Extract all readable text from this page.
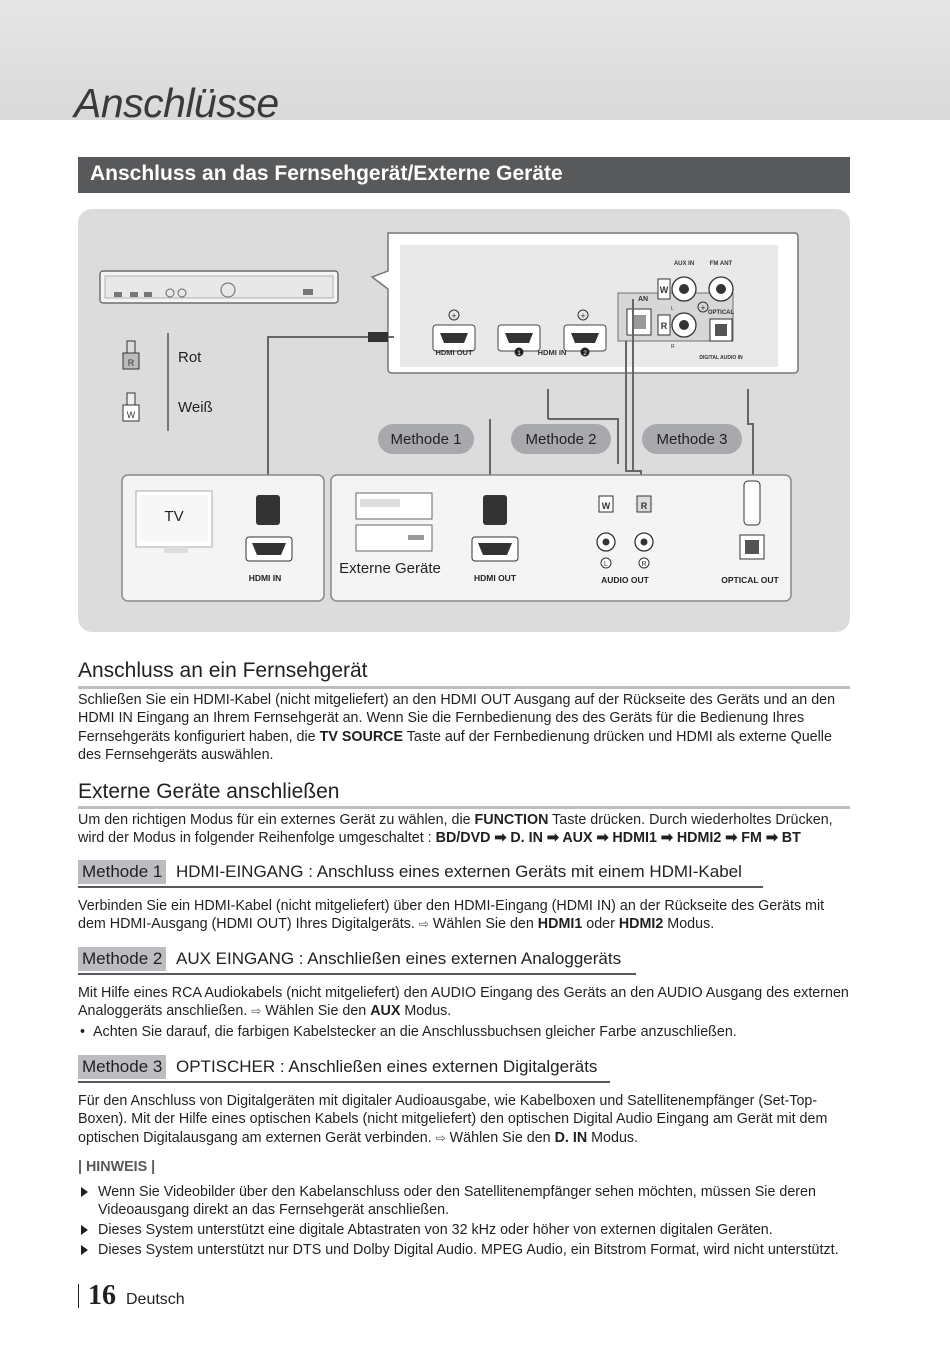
Anschlüsse
Anschluss an das Fernsehgerät/Externe Geräte
R	Rot
W	Weiß
+	+
HDMI OUT	HDMI IN
1	2
AUX IN	FM ANT
AN
+
W
R
L
R
OPTICAL
DIGITAL AUDIO IN
Methode 1	Methode 2	Methode 3
TV
HDMI IN
Externe Geräte
HDMI OUT
W	R
L	R
AUDIO OUT	OPTICAL OUT
Anschluss an ein Fernsehgerät
Schließen Sie ein HDMI-Kabel (nicht mitgeliefert) an den HDMI OUT Ausgang auf der Rückseite des Geräts und an den HDMI IN Eingang an Ihrem Fernsehgerät an. Wenn Sie die Fernbedienung des des Geräts für die Bedienung Ihres Fernsehgeräts konfiguriert haben, die TV SOURCE Taste auf der Fernbedienung drücken und HDMI als externe Quelle des Fernsehgeräts auswählen.
Externe Geräte anschließen
Um den richtigen Modus für ein externes Gerät zu wählen, die FUNCTION Taste drücken. Durch wiederholtes Drücken, wird der Modus in folgender Reihenfolge umgeschaltet : BD/DVD ➡ D. IN ➡ AUX ➡ HDMI1 ➡ HDMI2 ➡ FM ➡ BT
Methode 1 HDMI-EINGANG : Anschluss eines externen Geräts mit einem HDMI-Kabel
Verbinden Sie ein HDMI-Kabel (nicht mitgeliefert) über den HDMI-Eingang (HDMI IN) an der Rückseite des Geräts mit dem HDMI-Ausgang (HDMI OUT) Ihres Digitalgeräts. ⇨ Wählen Sie den HDMI1 oder HDMI2 Modus.
Methode 2 AUX EINGANG : Anschließen eines externen Analoggeräts
Mit Hilfe eines RCA Audiokabels (nicht mitgeliefert) den AUDIO Eingang des Geräts an den AUDIO Ausgang des externen Analoggeräts anschließen. ⇨ Wählen Sie den AUX Modus.
• Achten Sie darauf, die farbigen Kabelstecker an die Anschlussbuchsen gleicher Farbe anzuschließen.
Methode 3 OPTISCHER : Anschließen eines externen Digitalgeräts
Für den Anschluss von Digitalgeräten mit digitaler Audioausgabe, wie Kabelboxen und Satellitenempfänger (Set-Top-Boxen). Mit der Hilfe eines optischen Kabels (nicht mitgeliefert) den optischen Digital Audio Eingang am Gerät mit dem optischen Digitalausgang am externen Gerät verbinden. ⇨ Wählen Sie den D. IN Modus.
| HINWEIS |
Wenn Sie Videobilder über den Kabelanschluss oder den Satellitenempfänger sehen möchten, müssen Sie deren Videoausgang direkt an das Fernsehgerät anschließen.
Dieses System unterstützt eine digitale Abtastraten von 32 kHz oder höher von externen digitalen Geräten.
Dieses System unterstützt nur DTS und Dolby Digital Audio. MPEG Audio, ein Bitstrom Format, wird nicht unterstützt.
16 Deutsch
